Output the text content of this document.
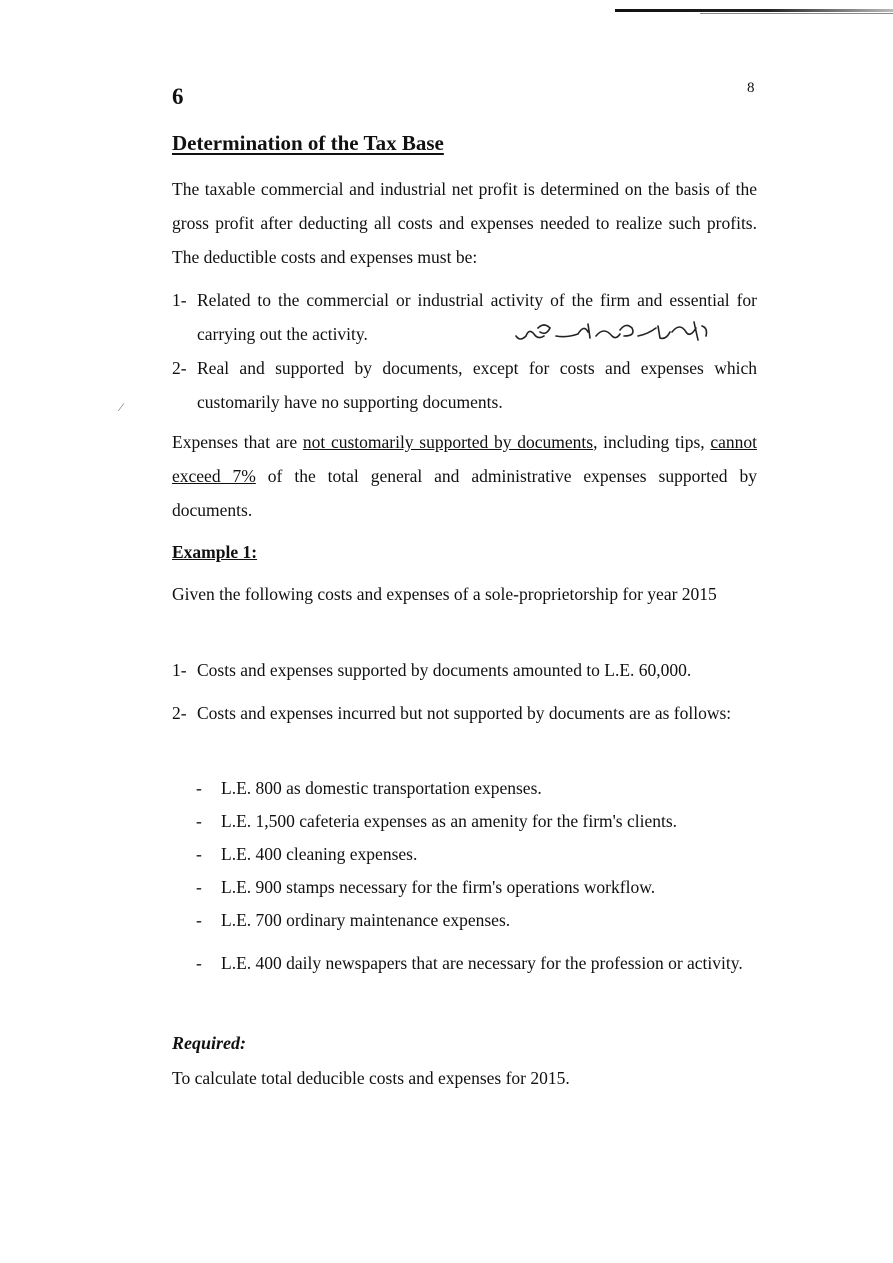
6	8
Determination of the Tax Base
The taxable commercial and industrial net profit is determined on the basis of the gross profit after deducting all costs and expenses needed to realize such profits. The deductible costs and expenses must be:
1- Related to the commercial or industrial activity of the firm and essential for carrying out the activity.
2- Real and supported by documents, except for costs and expenses which customarily have no supporting documents.
⁄
Expenses that are not customarily supported by documents, including tips, cannot exceed 7% of the total general and administrative expenses supported by documents.
Example 1:
Given the following costs and expenses of a sole-proprietorship for year 2015
1- Costs and expenses supported by documents amounted to L.E. 60,000.
2- Costs and expenses incurred but not supported by documents are as follows:
- L.E. 800 as domestic transportation expenses.
- L.E. 1,500 cafeteria expenses as an amenity for the firm's clients.
- L.E. 400 cleaning expenses.
- L.E. 900 stamps necessary for the firm's operations workflow.
- L.E. 700 ordinary maintenance expenses.
- L.E. 400 daily newspapers that are necessary for the profession or activity.
Required:
To calculate total deducible costs and expenses for 2015.
